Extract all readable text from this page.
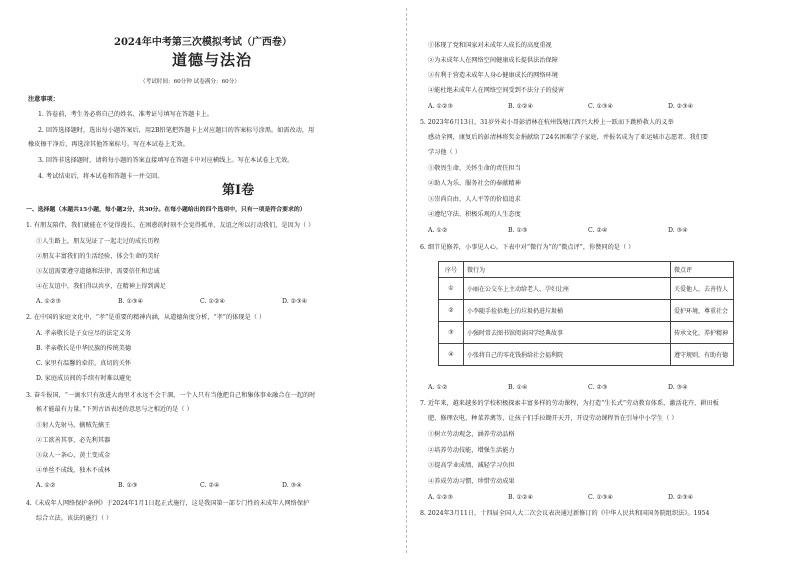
2024年中考第三次模拟考试（广西卷）
道德与法治
（考试时间：60分钟 试卷满分：60分）
注意事项：
1. 答卷前，考生务必将自己的姓名、准考证号填写在答题卡上。
2. 回答选择题时，选出每小题答案后，用2B铅笔把答题卡上对应题目的答案标号涂黑。如需改动，用
橡皮擦干净后，再选涂其他答案标号。写在本试卷上无效。
3. 回答非选择题时，请将每小题的答案直接填写在答题卡中对应横线上。写在本试卷上无效。
4. 考试结束后，将本试卷和答题卡一并交回。
第Ⅰ卷
一、选择题（本题共15小题，每小题2分，共30分。在每小题给出的四个选项中，只有一项是符合要求的）
1. 有朋友陪伴，我们就能在不觉得漫长、在困惑的时刻不会觉得孤单，友谊之所以打动我们，是因为（ ）
①人生路上，朋友见证了一起走过的成长历程
②朋友丰富我们的生活经验，体会生命的美好
③友谊需要遵守道德和法律，需要信任和忠诚
④在友谊中，我们得以共享，在精神上得到满足
A. ①②③	B. ①③④	C. ①②④	D. ②③④
2. 在中国的家庭文化中，“孝”是重要的精神内涵，从道德角度分析，“孝”的体现是（ ）
A. 孝亲敬长是子女应尽的法定义务
B. 孝亲敬长是中华民族的传统美德
C. 家里有温馨的牵挂，真切的关怀
D. 家庭成员间的手续有时难以避免
3. 奋斗报国，“一滴水只有放进大海里才永远不会干涸，一个人只有当他把自己和集体事业融合在一起的时
候才能最有力量。”下列古语表述的意思与之相近的是（ ）
①射人先射马，擒贼先擒王
②工欲善其事，必先利其器
③众人一条心，黄土变成金
④单丝不成线，独木不成林
A. ①②	B. ①③	C. ②④	D. ③④
4.《未成年人网络保护条例》于2024年1月1日起正式施行，这是我国第一部专门性的未成年人网络保护
综合立法。该法的施行（ ）
①体现了党和国家对未成年人成长的高度重视
②为未成年人在网络空间健康成长提供法治保障
③有利于营造未成年人身心健康成长的网络环境
④能杜绝未成年人在网络空间受到不法分子的侵害
A. ①②③	B. ①②④	C. ①③④	D. ②③④
5. 2023年6月13日，31岁外卖小哥彭清林在杭州钱塘江西兴大桥上一跃而下跳桥救人的义举
感动全网，康复后的彭清林将奖金捐献给了24名困难学子家庭，并报名成为了亚运城市志愿者。我们要
学习他（ ）
①敬畏生命、关怀生命的责任担当
②助人为乐、服务社会的奉献精神
③崇尚自由、人人平等的价值追求
④遵纪守法、积极乐观的人生态度
A. ①②	B. ①③	C. ②④	D. ③④
6. 细节见修养，小事见人心。下表中对“微行为”的“微点评”，你赞同的是（ ）
序号	微行为	微点评
①	小丽在公交车上主动给老人、孕妇让座	关爱他人，去善待人
②	小李随手捡拾地上的垃圾扔进垃圾桶	爱护环境，尊重社会
③	小强时常去图书馆阅读国学经典故事	传承文化，养护精神
④	小张将自己的零花钱捐给社会福利院	遵守规则，有助有德
A. ①②	B. ①④	C. ②③	D. ③④
7. 近年来，越来越多的学校积极探索丰富多样的劳动课程，为打造“生长式”劳动教育体系，激活花卉、耕田板
肥、修理农电、种菜养禽等，让孩子们手拉锄开天开，开设劳动课程旨在引导中小学生（ ）
①树立劳动观念，涵养劳动品格
②培养劳动技能，增强生活能力
③提高学业成绩，减轻学习负担
④养成劳动习惯，珍惜劳动成果
A. ①②③	B. ①②④	C. ①③④	D. ②③④
8. 2024年3月11日，十四届全国人大二次会议表决通过新修订的《中华人民共和国国务院组织法》。1954
